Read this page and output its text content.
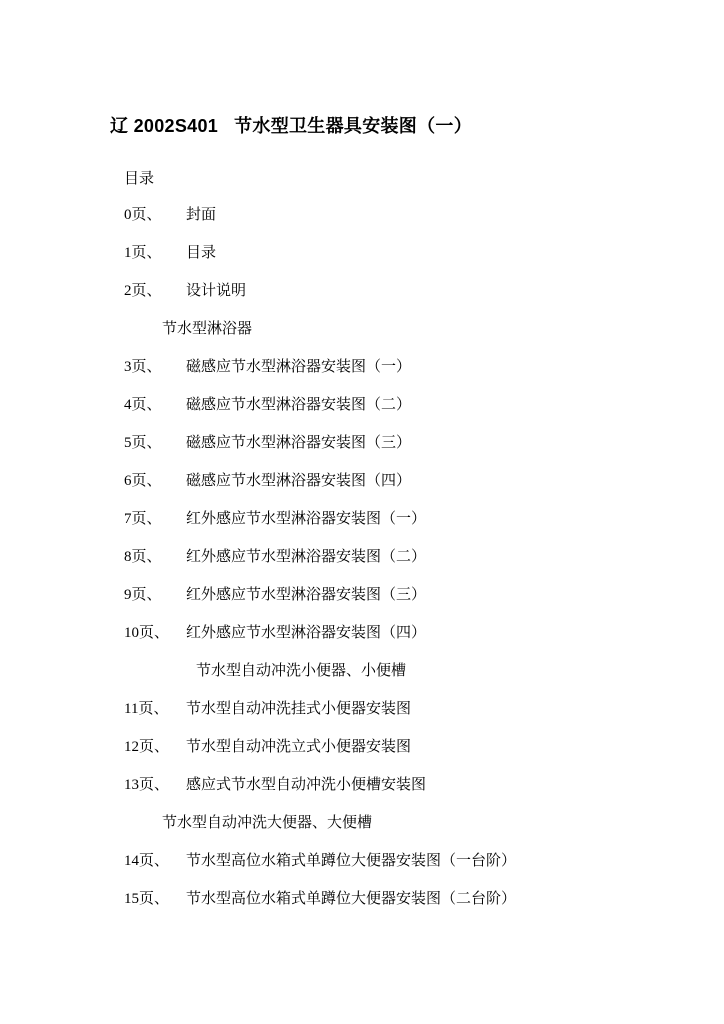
辽 2002S401 节水型卫生器具安装图（一）
目录
0页、 封面
1页、 目录
2页、 设计说明
节水型淋浴器
3页、 磁感应节水型淋浴器安装图（一）
4页、 磁感应节水型淋浴器安装图（二）
5页、 磁感应节水型淋浴器安装图（三）
6页、 磁感应节水型淋浴器安装图（四）
7页、 红外感应节水型淋浴器安装图（一）
8页、 红外感应节水型淋浴器安装图（二）
9页、 红外感应节水型淋浴器安装图（三）
10页、 红外感应节水型淋浴器安装图（四）
节水型自动冲洗小便器、小便槽
11页、 节水型自动冲洗挂式小便器安装图
12页、 节水型自动冲洗立式小便器安装图
13页、 感应式节水型自动冲洗小便槽安装图
节水型自动冲洗大便器、大便槽
14页、 节水型高位水箱式单蹲位大便器安装图（一台阶）
15页、 节水型高位水箱式单蹲位大便器安装图（二台阶）
